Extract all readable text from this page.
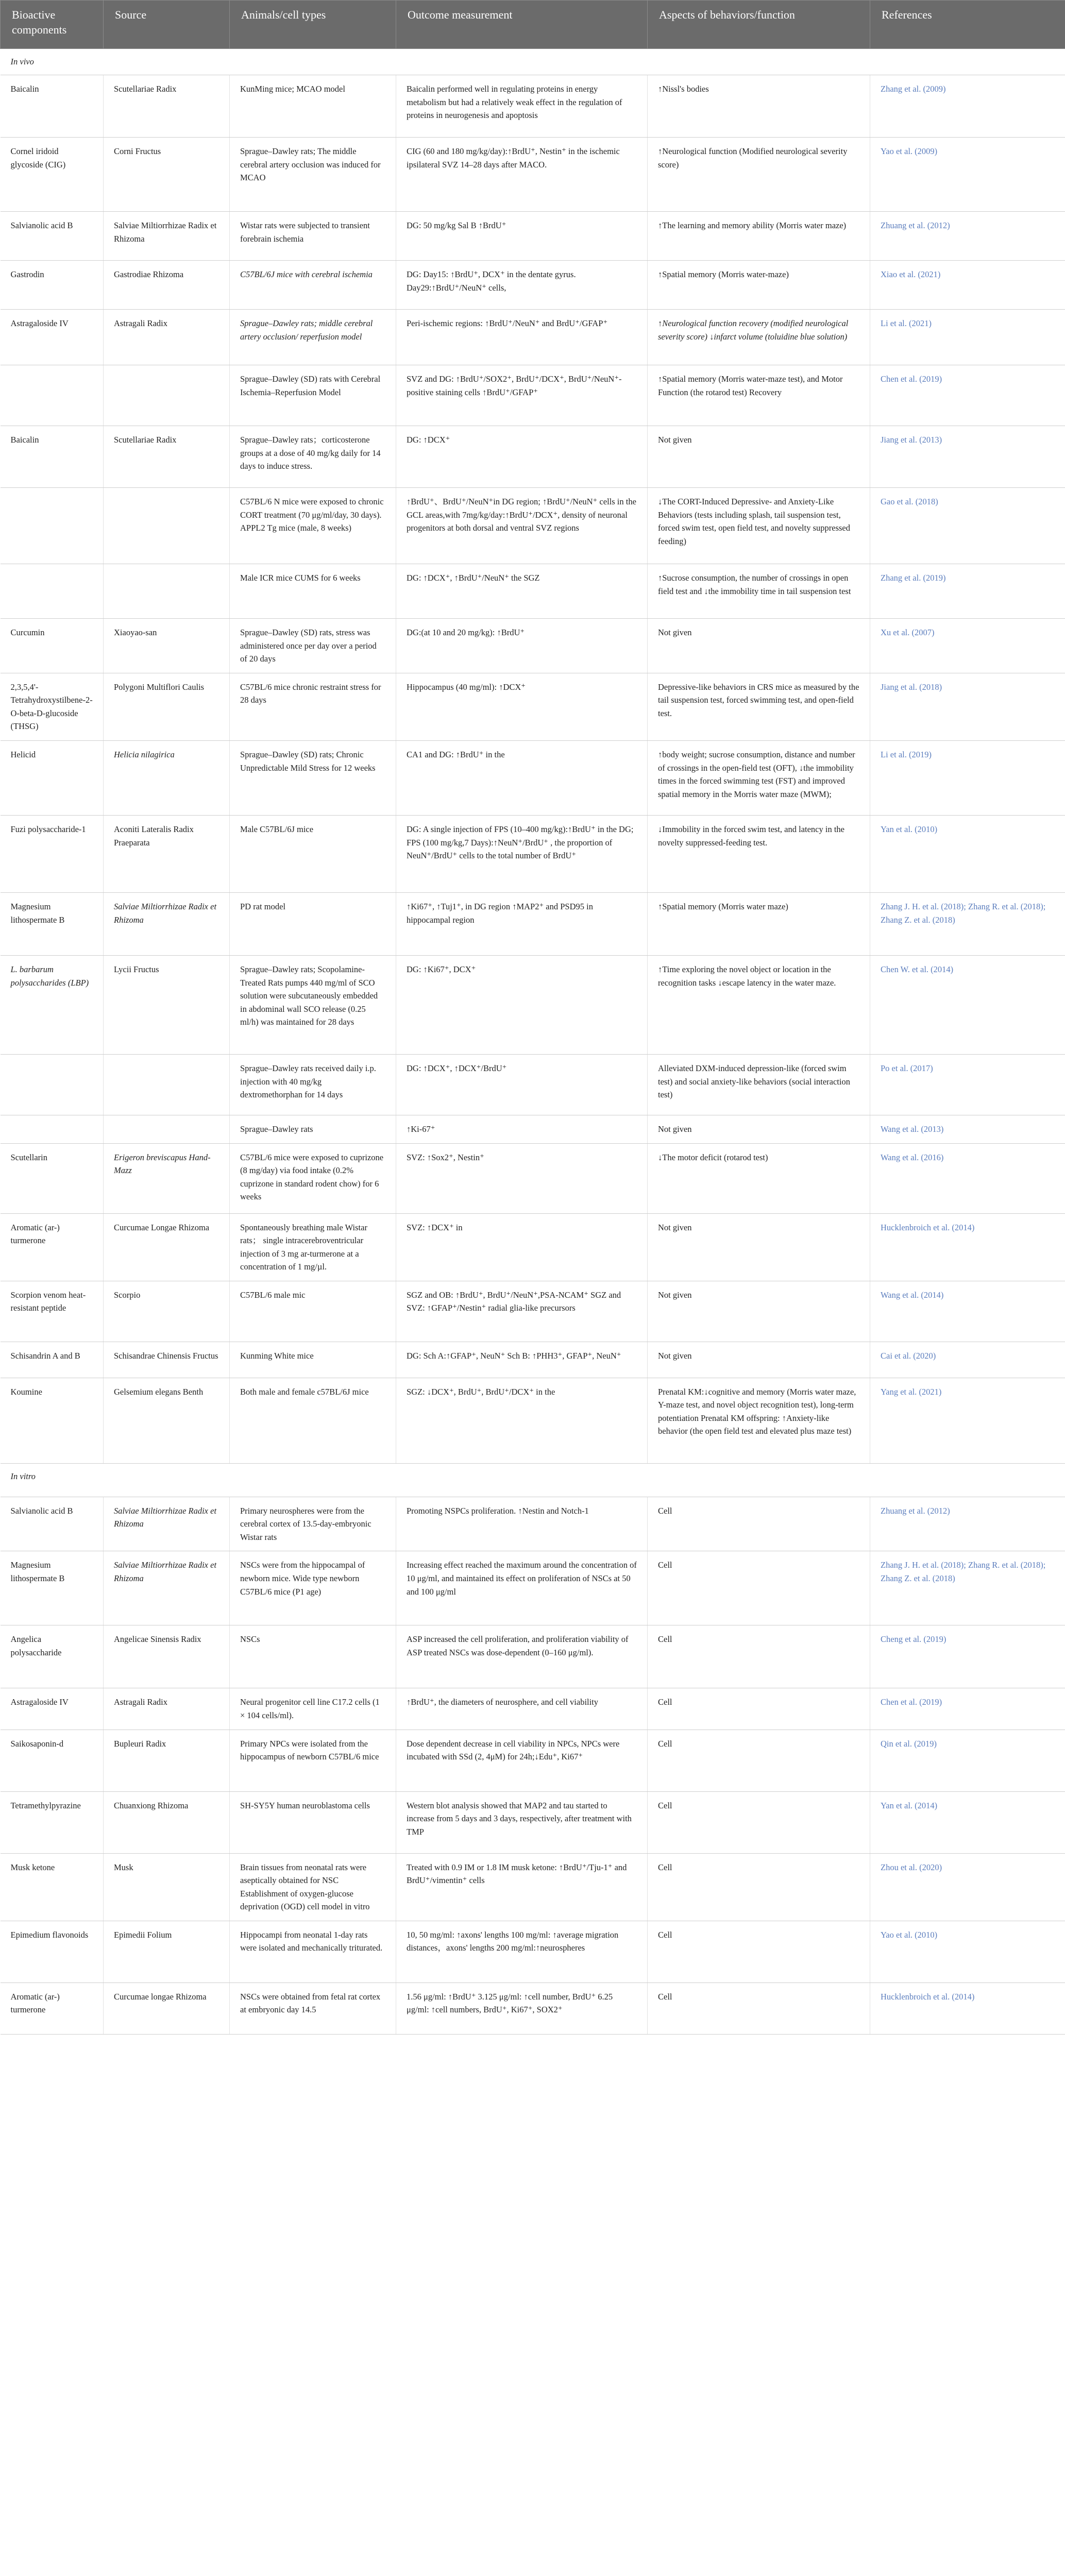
Bioactive components	Source	Animals/cell types	Outcome measurement	Aspects of behaviors/function	References
In vivo					
Baicalin	Scutellariae Radix	KunMing mice; MCAO model	Baicalin performed well in regulating proteins in energy metabolism but had a relatively weak effect in the regulation of proteins in neurogenesis and apoptosis	↑Nissl's bodies	Zhang et al. (2009)
Cornel iridoid glycoside (CIG)	Corni Fructus	Sprague–Dawley rats; The middle cerebral artery occlusion was induced for MCAO	CIG (60 and 180 mg/kg/day):↑BrdU⁺, Nestin⁺ in the ischemic ipsilateral SVZ 14–28 days after MACO.	↑Neurological function (Modified neurological severity score)	Yao et al. (2009)
Salvianolic acid B	Salviae Miltiorrhizae Radix et Rhizoma	Wistar rats were subjected to transient forebrain ischemia	DG: 50 mg/kg Sal B ↑BrdU⁺	↑The learning and memory ability (Morris water maze)	Zhuang et al. (2012)
Gastrodin	Gastrodiae Rhizoma	C57BL/6J mice with cerebral ischemia	DG: Day15: ↑BrdU⁺, DCX⁺ in the dentate gyrus. Day29:↑BrdU⁺/NeuN⁺ cells,	↑Spatial memory (Morris water-maze)	Xiao et al. (2021)
Astragaloside IV	Astragali Radix	Sprague–Dawley rats; middle cerebral artery occlusion/ reperfusion model	Peri-ischemic regions: ↑BrdU⁺/NeuN⁺ and BrdU⁺/GFAP⁺	↑Neurological function recovery (modified neurological severity score) ↓infarct volume (toluidine blue solution)	Li et al. (2021)
		Sprague–Dawley (SD) rats with Cerebral Ischemia–Reperfusion Model	SVZ and DG: ↑BrdU⁺/SOX2⁺, BrdU⁺/DCX⁺, BrdU⁺/NeuN⁺-positive staining cells ↑BrdU⁺/GFAP⁺	↑Spatial memory (Morris water-maze test), and Motor Function (the rotarod test) Recovery	Chen et al. (2019)
Baicalin	Scutellariae Radix	Sprague–Dawley rats；corticosterone groups at a dose of 40 mg/kg daily for 14 days to induce stress.	DG: ↑DCX⁺	Not given	Jiang et al. (2013)
		C57BL/6 N mice were exposed to chronic CORT treatment (70 μg/ml/day, 30 days). APPL2 Tg mice (male, 8 weeks)	↑BrdU⁺、BrdU⁺/NeuN⁺in DG region; ↑BrdU⁺/NeuN⁺ cells in the GCL areas,with 7mg/kg/day:↑BrdU⁺/DCX⁺, density of neuronal progenitors at both dorsal and ventral SVZ regions	↓The CORT-Induced Depressive- and Anxiety-Like Behaviors (tests including splash, tail suspension test, forced swim test, open field test, and novelty suppressed feeding)	Gao et al. (2018)
		Male ICR mice CUMS for 6 weeks	DG: ↑DCX⁺, ↑BrdU⁺/NeuN⁺ the SGZ	↑Sucrose consumption, the number of crossings in open field test and ↓the immobility time in tail suspension test	Zhang et al. (2019)
Curcumin	Xiaoyao-san	Sprague–Dawley (SD) rats, stress was administered once per day over a period of 20 days	DG:(at 10 and 20 mg/kg): ↑BrdU⁺	Not given	Xu et al. (2007)
2,3,5,4'-Tetrahydroxystilbene-2-O-beta-D-glucoside (THSG)	Polygoni Multiflori Caulis	C57BL/6 mice chronic restraint stress for 28 days	Hippocampus (40 mg/ml): ↑DCX⁺	Depressive-like behaviors in CRS mice as measured by the tail suspension test, forced swimming test, and open-field test.	Jiang et al. (2018)
Helicid	Helicia nilagirica	Sprague–Dawley (SD) rats; Chronic Unpredictable Mild Stress for 12 weeks	CA1 and DG: ↑BrdU⁺ in the	↑body weight; sucrose consumption, distance and number of crossings in the open-field test (OFT), ↓the immobility times in the forced swimming test (FST) and improved spatial memory in the Morris water maze (MWM);	Li et al. (2019)
Fuzi polysaccharide-1	Aconiti Lateralis Radix Praeparata	Male C57BL/6J mice	DG: A single injection of FPS (10–400 mg/kg):↑BrdU⁺ in the DG; FPS (100 mg/kg,7 Days):↑NeuN⁺/BrdU⁺ , the proportion of NeuN⁺/BrdU⁺ cells to the total number of BrdU⁺	↓Immobility in the forced swim test, and latency in the novelty suppressed-feeding test.	Yan et al. (2010)
Magnesium lithospermate B	Salviae Miltiorrhizae Radix et Rhizoma	PD rat model	↑Ki67⁺, ↑Tuj1⁺, in DG region ↑MAP2⁺ and PSD95 in hippocampal region	↑Spatial memory (Morris water maze)	Zhang J. H. et al. (2018); Zhang R. et al. (2018); Zhang Z. et al. (2018)
L. barbarum polysaccharides (LBP)	Lycii Fructus	Sprague–Dawley rats; Scopolamine-Treated Rats pumps 440 mg/ml of SCO solution were subcutaneously embedded in abdominal wall SCO release (0.25 ml/h) was maintained for 28 days	DG: ↑Ki67⁺, DCX⁺	↑Time exploring the novel object or location in the recognition tasks ↓escape latency in the water maze.	Chen W. et al. (2014)
		Sprague–Dawley rats received daily i.p. injection with 40 mg/kg dextromethorphan for 14 days	DG: ↑DCX⁺, ↑DCX⁺/BrdU⁺	Alleviated DXM-induced depression-like (forced swim test) and social anxiety-like behaviors (social interaction test)	Po et al. (2017)
		Sprague–Dawley rats	↑Ki-67⁺	Not given	Wang et al. (2013)
Scutellarin	Erigeron breviscapus Hand-Mazz	C57BL/6 mice were exposed to cuprizone (8 mg/day) via food intake (0.2% cuprizone in standard rodent chow) for 6 weeks	SVZ: ↑Sox2⁺, Nestin⁺	↓The motor deficit (rotarod test)	Wang et al. (2016)
Aromatic (ar-) turmerone	Curcumae Longae Rhizoma	Spontaneously breathing male Wistar rats； single intracerebroventricular injection of 3 mg ar-turmerone at a concentration of 1 mg/µl.	SVZ: ↑DCX⁺ in	Not given	Hucklenbroich et al. (2014)
Scorpion venom heat-resistant peptide	Scorpio	C57BL/6 male mic	SGZ and OB: ↑BrdU⁺, BrdU⁺/NeuN⁺,PSA-NCAM⁺ SGZ and SVZ: ↑GFAP⁺/Nestin⁺ radial glia-like precursors	Not given	Wang et al. (2014)
Schisandrin A and B	Schisandrae Chinensis Fructus	Kunming White mice	DG: Sch A:↑GFAP⁺, NeuN⁺ Sch B: ↑PHH3⁺, GFAP⁺, NeuN⁺	Not given	Cai et al. (2020)
Koumine	Gelsemium elegans Benth	Both male and female c57BL/6J mice	SGZ: ↓DCX⁺, BrdU⁺, BrdU⁺/DCX⁺ in the	Prenatal KM:↓cognitive and memory (Morris water maze, Y-maze test, and novel object recognition test), long-term potentiation Prenatal KM offspring: ↑Anxiety-like behavior (the open field test and elevated plus maze test)	Yang et al. (2021)
In vitro					
Salvianolic acid B	Salviae Miltiorrhizae Radix et Rhizoma	Primary neurospheres were from the cerebral cortex of 13.5-day-embryonic Wistar rats	Promoting NSPCs proliferation. ↑Nestin and Notch-1	Cell	Zhuang et al. (2012)
Magnesium lithospermate B	Salviae Miltiorrhizae Radix et Rhizoma	NSCs were from the hippocampal of newborn mice. Wide type newborn C57BL/6 mice (P1 age)	Increasing effect reached the maximum around the concentration of 10 μg/ml, and maintained its effect on proliferation of NSCs at 50 and 100 μg/ml	Cell	Zhang J. H. et al. (2018); Zhang R. et al. (2018); Zhang Z. et al. (2018)
Angelica polysaccharide	Angelicae Sinensis Radix	NSCs	ASP increased the cell proliferation, and proliferation viability of ASP treated NSCs was dose-dependent (0–160 μg/ml).	Cell	Cheng et al. (2019)
Astragaloside IV	Astragali Radix	Neural progenitor cell line C17.2 cells (1 × 104 cells/ml).	↑BrdU⁺, the diameters of neurosphere, and cell viability	Cell	Chen et al. (2019)
Saikosaponin-d	Bupleuri Radix	Primary NPCs were isolated from the hippocampus of newborn C57BL/6 mice	Dose dependent decrease in cell viability in NPCs, NPCs were incubated with SSd (2, 4μM) for 24h;↓Edu⁺, Ki67⁺	Cell	Qin et al. (2019)
Tetramethylpyrazine	Chuanxiong Rhizoma	SH-SY5Y human neuroblastoma cells	Western blot analysis showed that MAP2 and tau started to increase from 5 days and 3 days, respectively, after treatment with TMP	Cell	Yan et al. (2014)
Musk ketone	Musk	Brain tissues from neonatal rats were aseptically obtained for NSC Establishment of oxygen-glucose deprivation (OGD) cell model in vitro	Treated with 0.9 IM or 1.8 IM musk ketone: ↑BrdU⁺/Tju-1⁺ and BrdU⁺/vimentin⁺ cells	Cell	Zhou et al. (2020)
Epimedium flavonoids	Epimedii Folium	Hippocampi from neonatal 1-day rats were isolated and mechanically triturated.	10, 50 mg/ml: ↑axons' lengths 100 mg/ml: ↑average migration distances，axons' lengths 200 mg/ml:↑neurospheres	Cell	Yao et al. (2010)
Aromatic (ar-) turmerone	Curcumae longae Rhizoma	NSCs were obtained from fetal rat cortex at embryonic day 14.5	1.56 μg/ml: ↑BrdU⁺ 3.125 μg/ml: ↑cell number, BrdU⁺ 6.25 μg/ml: ↑cell numbers, BrdU⁺, Ki67⁺, SOX2⁺	Cell	Hucklenbroich et al. (2014)
